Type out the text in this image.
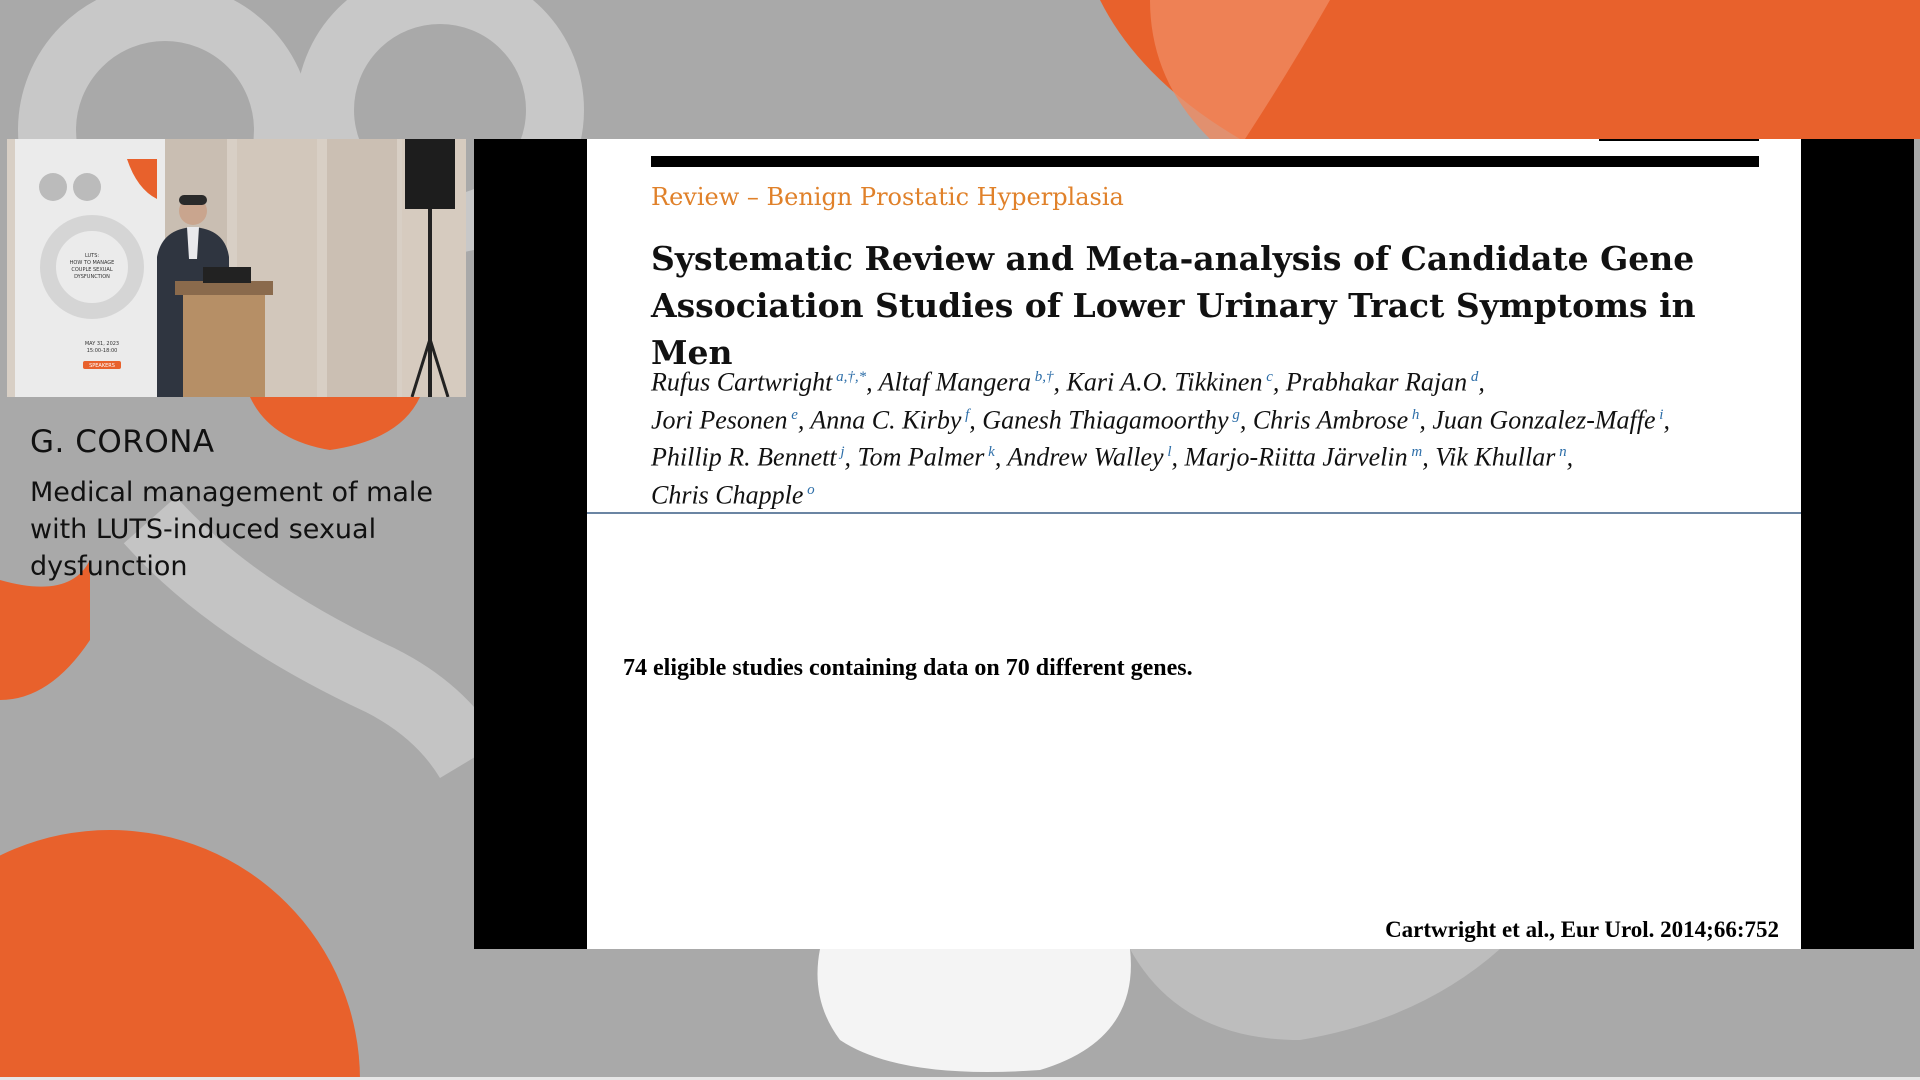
LUTS:
HOW TO MANAGE
COUPLE SEXUAL
DYSFUNCTION
MAY 31, 2023
15:00-18:00
SPEAKERS
G. CORONA

Medical management of male with LUTS-induced sexual dysfunction

Review – Benign Prostatic Hyperplasia
Systematic Review and Meta-analysis of Candidate Gene Association Studies of Lower Urinary Tract Symptoms in Men
Rufus Cartwright $^{a,\dagger,*}$, Altaf Mangera $^{b,\dagger}$, Kari A.O. Tikkinen $^c$, Prabhakar Rajan $^d$,
Jori Pesonen $^e$, Anna C. Kirby $^f$, Ganesh Thiagamoorthy $^g$, Chris Ambrose $^h$, Juan Gonzalez-Maffe $^i$,
Phillip R. Bennett $^j$, Tom Palmer $^k$, Andrew Walley $^l$, Marjo-Riitta Järvelin $^m$, Vik Khullar $^n$,
Chris Chapple $^o$
74 eligible studies containing data on 70 different genes.
Cartwright et al., Eur Urol. 2014;66:752
